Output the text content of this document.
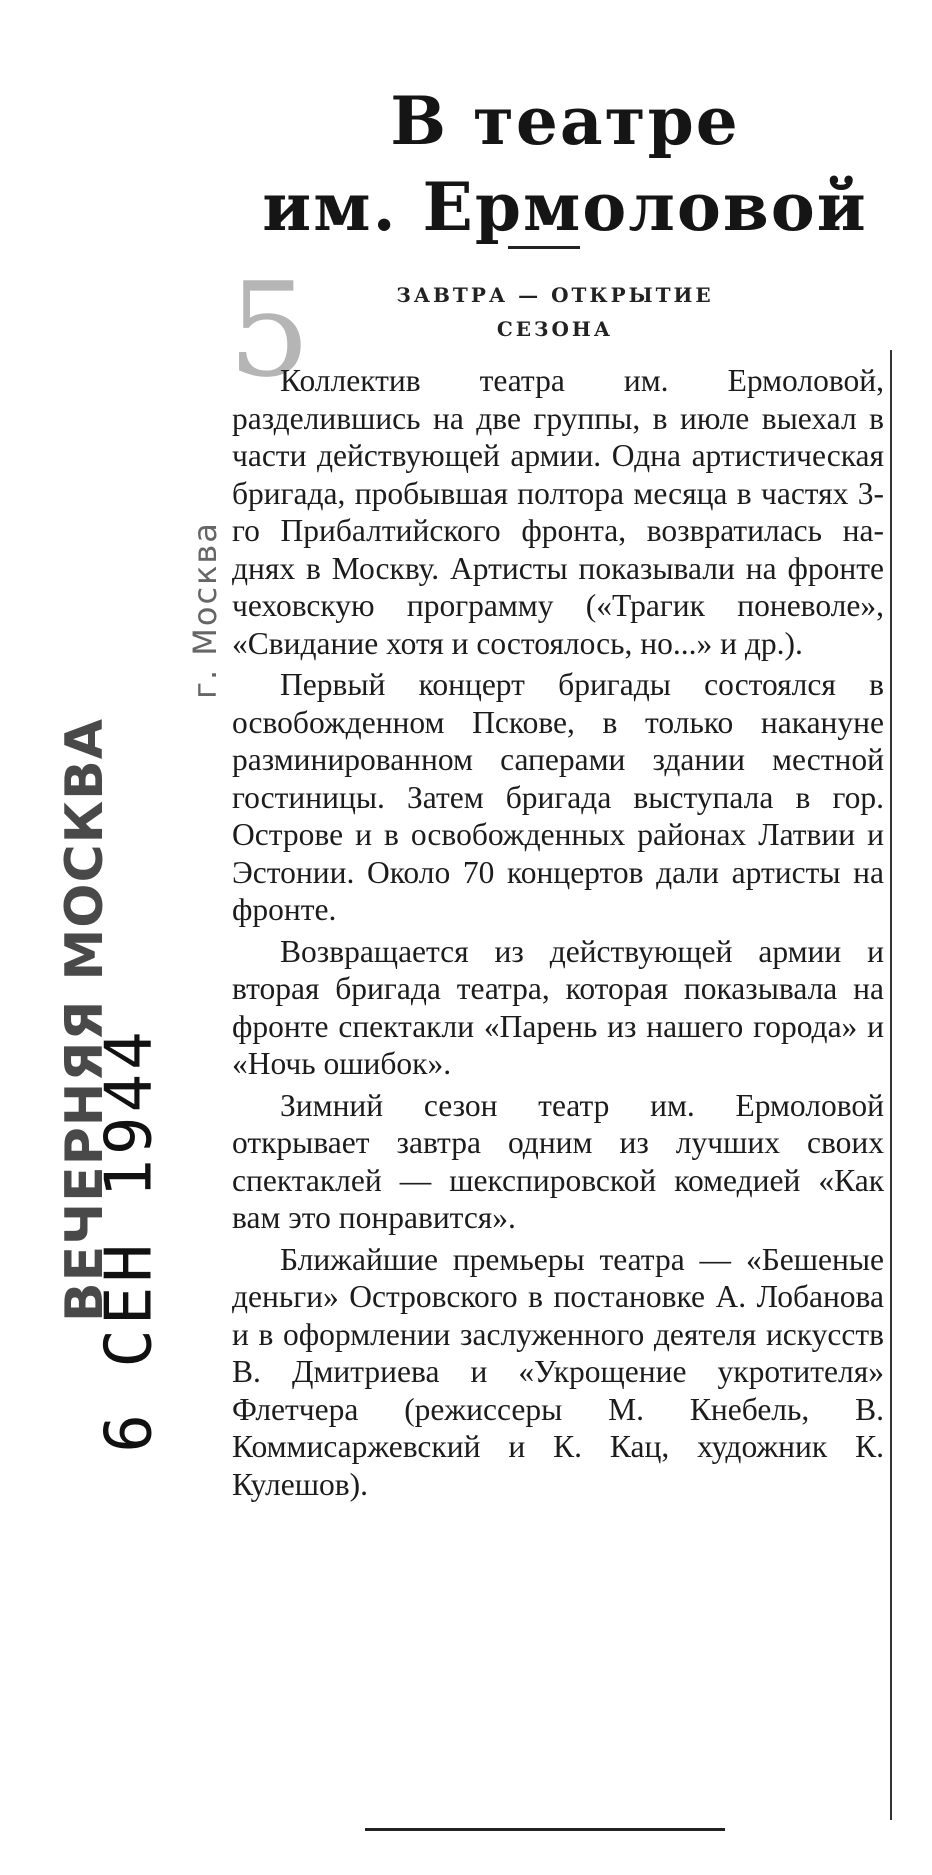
ВЕЧЕРНЯЯ МОСКВА
6 СЕН 1944
г. Москва
5
В театре
им. Ермоловой
ЗАВТРА — ОТКРЫТИЕ
СЕЗОНА

Коллектив театра им. Ермоловой, разделившись на две группы, в июле выехал в части действующей армии. Одна артистическая бригада, пробывшая полтора месяца в частях 3-го Прибалтийского фронта, возвратилась на-днях в Москву. Артисты показывали на фронте чеховскую программу («Трагик поневоле», «Свидание хотя и состоялось, но...» и др.).

Первый концерт бригады состоялся в освобожденном Пскове, в только накануне разминированном саперами здании местной гостиницы. Затем бригада выступала в гор. Острове и в освобожденных районах Латвии и Эстонии. Около 70 концертов дали артисты на фронте.

Возвращается из действующей армии и вторая бригада театра, которая показывала на фронте спектакли «Парень из нашего города» и «Ночь ошибок».

Зимний сезон театр им. Ермоловой открывает завтра одним из лучших своих спектаклей — шекспировской комедией «Как вам это понравится».

Ближайшие премьеры театра — «Бешеные деньги» Островского в постановке А. Лобанова и в оформлении заслуженного деятеля искусств В. Дмитриева и «Укрощение укротителя» Флетчера (режиссеры М. Кнебель, В. Коммисаржевский и К. Кац, художник К. Кулешов).
